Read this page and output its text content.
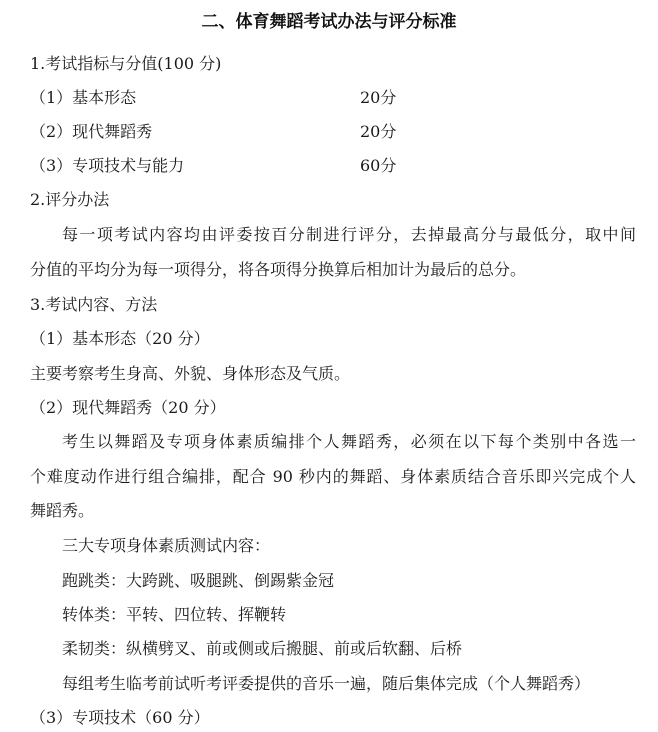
二、体育舞蹈考试办法与评分标准
1.考试指标与分值(100 分)
（1）基本形态	20分
（2）现代舞蹈秀	20分
（3）专项技术与能力	60分
2.评分办法
每一项考试内容均由评委按百分制进行评分，去掉最高分与最低分，取中间
分值的平均分为每一项得分，将各项得分换算后相加计为最后的总分。
3.考试内容、方法
（1）基本形态（20 分）
主要考察考生身高、外貌、身体形态及气质。
（2）现代舞蹈秀（20 分）
考生以舞蹈及专项身体素质编排个人舞蹈秀，必须在以下每个类别中各选一
个难度动作进行组合编排，配合 90 秒内的舞蹈、身体素质结合音乐即兴完成个人
舞蹈秀。
三大专项身体素质测试内容：
跑跳类：大跨跳、吸腿跳、倒踢紫金冠
转体类：平转、四位转、挥鞭转
柔韧类：纵横劈叉、前或侧或后搬腿、前或后软翻、后桥
每组考生临考前试听考评委提供的音乐一遍，随后集体完成（个人舞蹈秀）
（3）专项技术（60 分）
